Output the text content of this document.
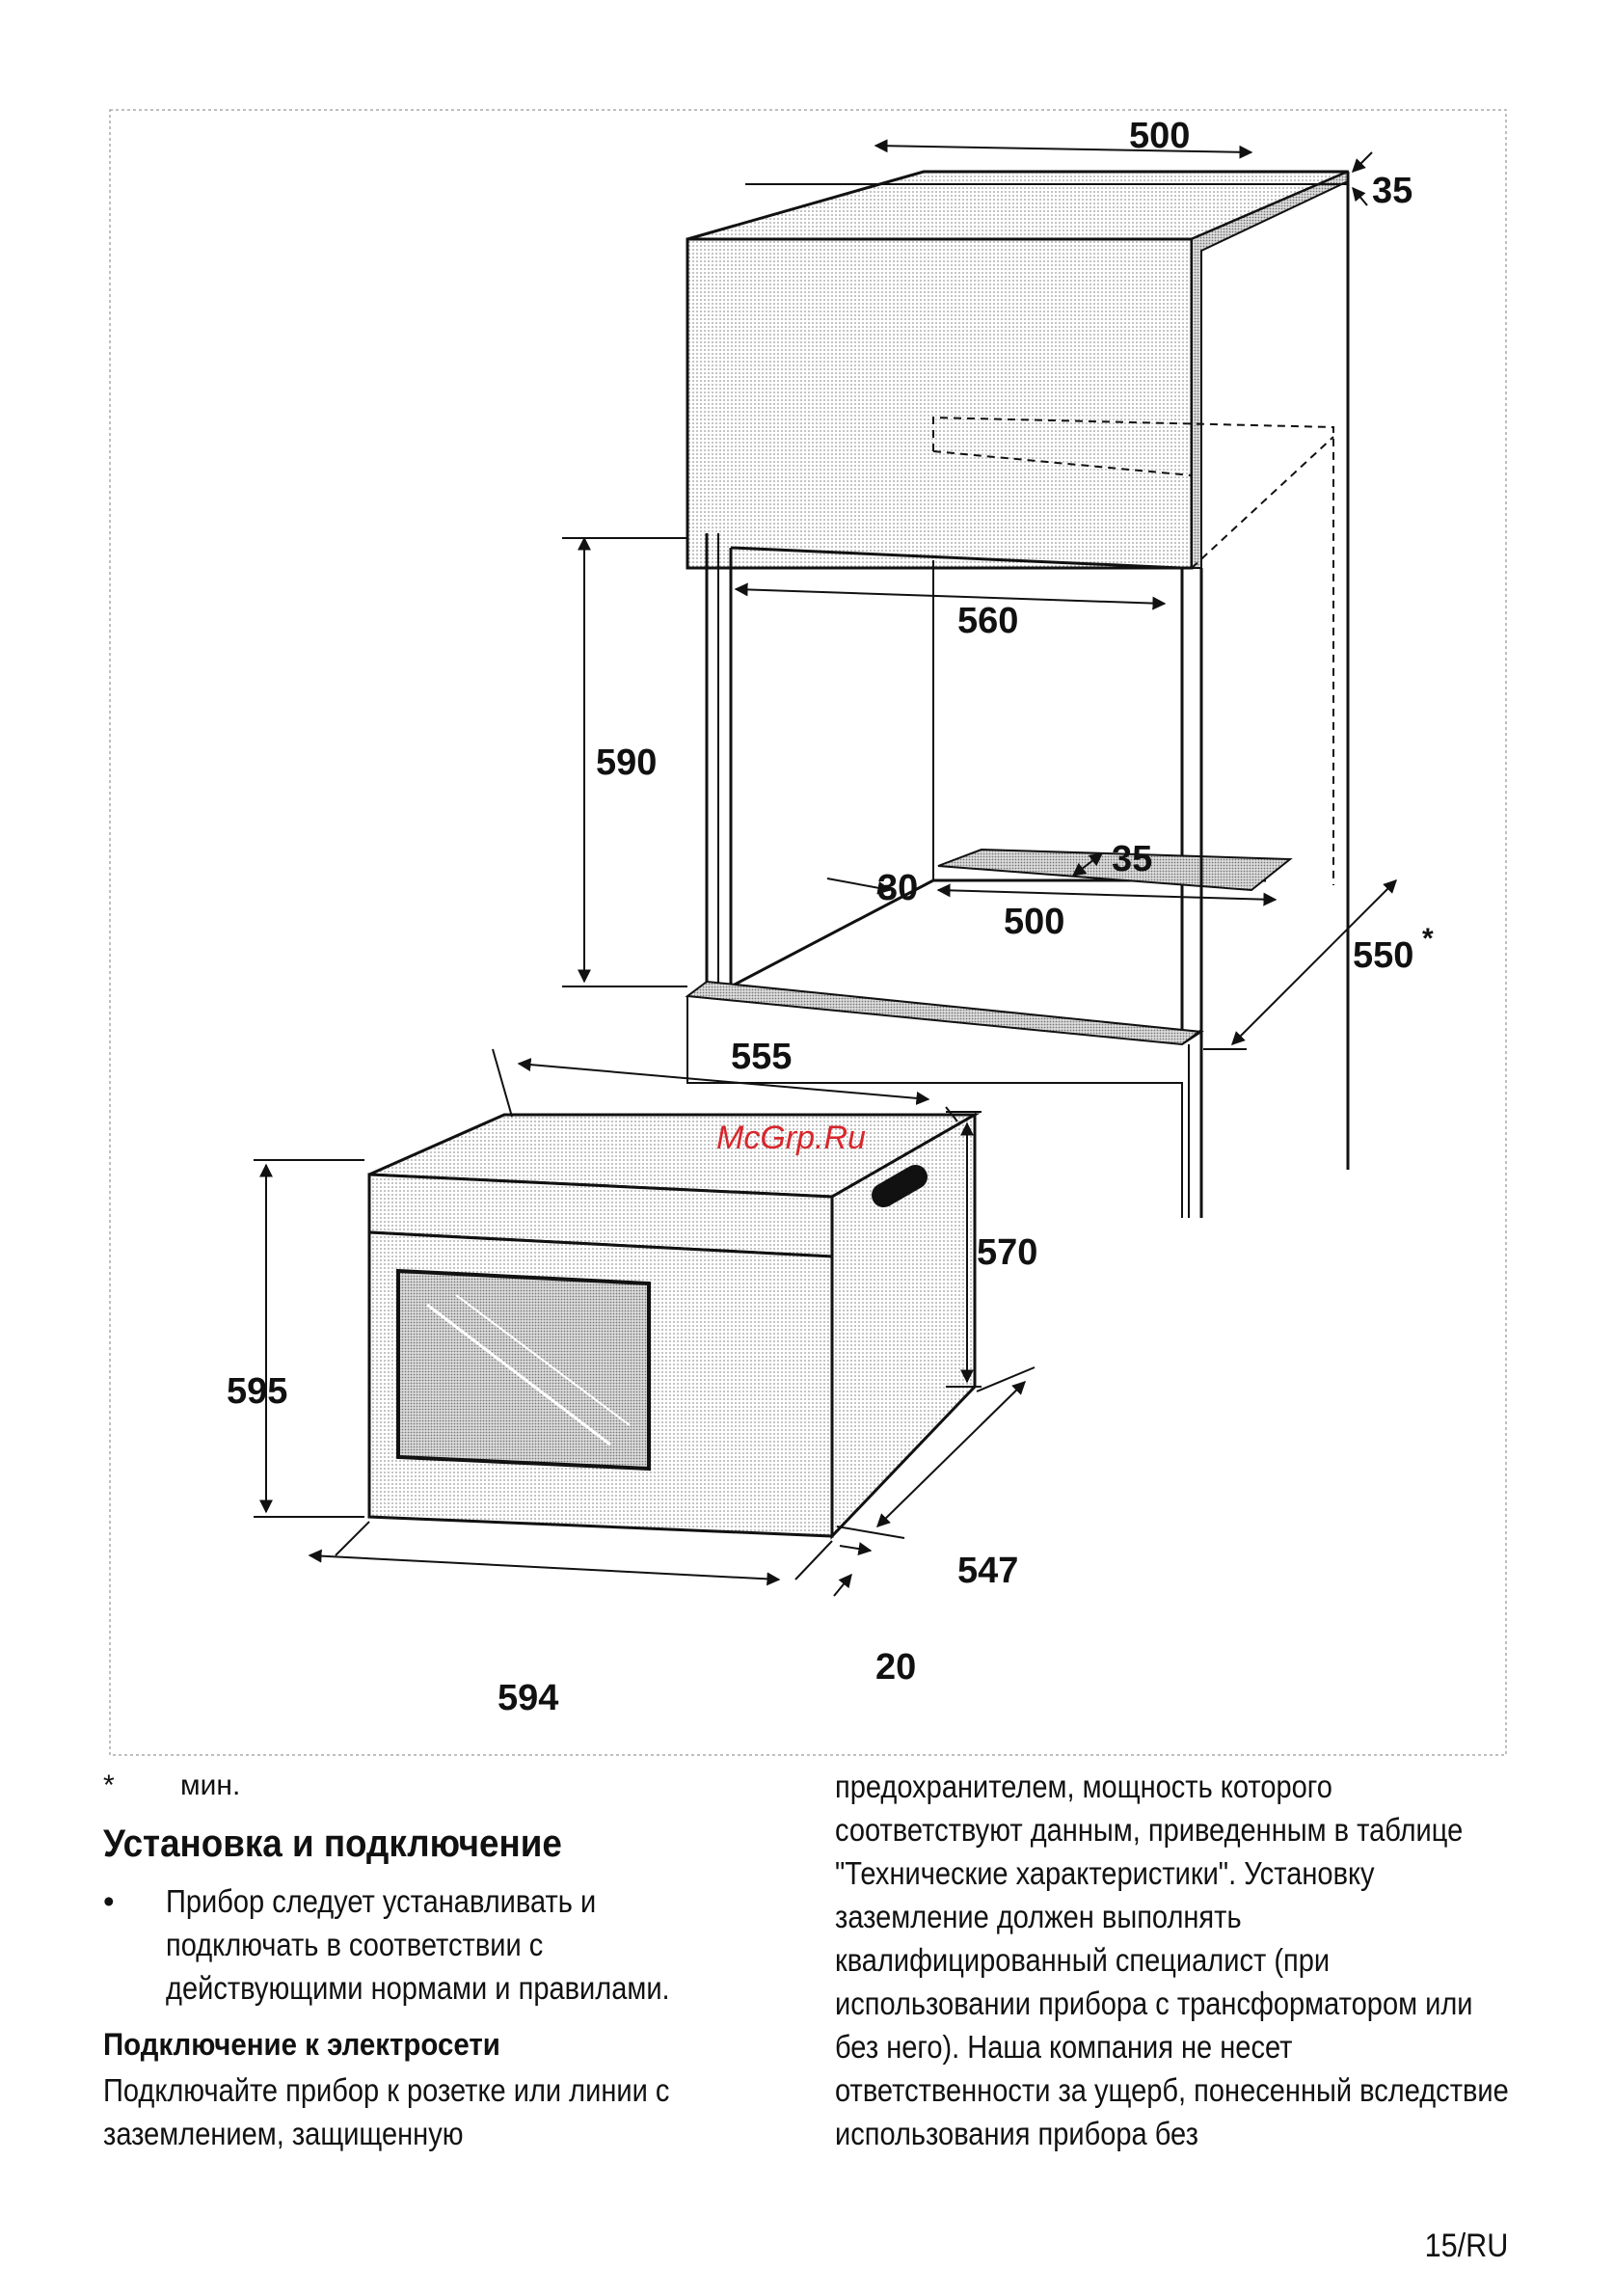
500
35
560
590
35
30
500
550 *
555
570
595
547
20
594
McGrp.Ru
* мин.
Установка и подключение
•	Прибор следует устанавливать и подключать в соответствии с действующими нормами и правилами.
Подключение к электросети
Подключайте прибор к розетке или линии с заземлением, защищенную
предохранителем, мощность которого соответствуют данным, приведенным в таблице "Технические характеристики". Установку заземление должен выполнять квалифицированный специалист (при использовании прибора с трансформатором или без него). Наша компания не несет ответственности за ущерб, понесенный вследствие использования прибора без
15/RU
